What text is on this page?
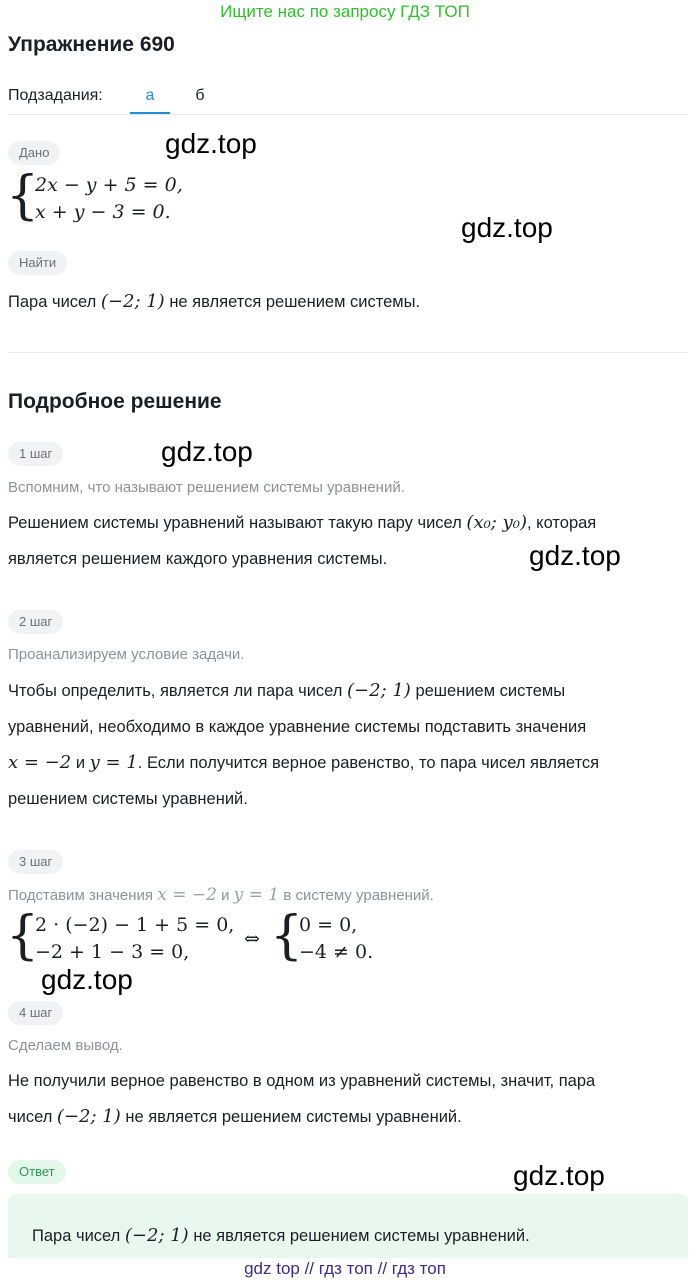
Ищите нас по запросу ГДЗ ТОП
Упражнение 690
Подзадания:	а	б
Дано
{
2x − y + 5 = 0,
x + y − 3 = 0.
Найти
Пара чисел (−2; 1) не является решением системы.
Подробное решение
1 шаг
Вспомним, что называют решением системы уравнений.
Решением системы уравнений называют такую пару чисел (x₀; y₀), которая
является решением каждого уравнения системы.
2 шаг
Проанализируем условие задачи.
Чтобы определить, является ли пара чисел (−2; 1) решением системы
уравнений, необходимо в каждое уравнение системы подставить значения
x = −2 и y = 1. Если получится верное равенство, то пара чисел является
решением системы уравнений.
3 шаг
Подставим значения x = −2 и y = 1 в систему уравнений.
{
2 · (−2) − 1 + 5 = 0,
−2 + 1 − 3 = 0,
⇔ {
0 = 0,
−4 ≠ 0.
4 шаг
Сделаем вывод.
Не получили верное равенство в одном из уравнений системы, значит, пара
чисел (−2; 1) не является решением системы уравнений.
Ответ
Пара чисел (−2; 1) не является решением системы уравнений.
gdz.top
gdz.top
gdz.top
gdz.top
gdz.top
gdz.top
gdz top // гдз топ // гдз топ
